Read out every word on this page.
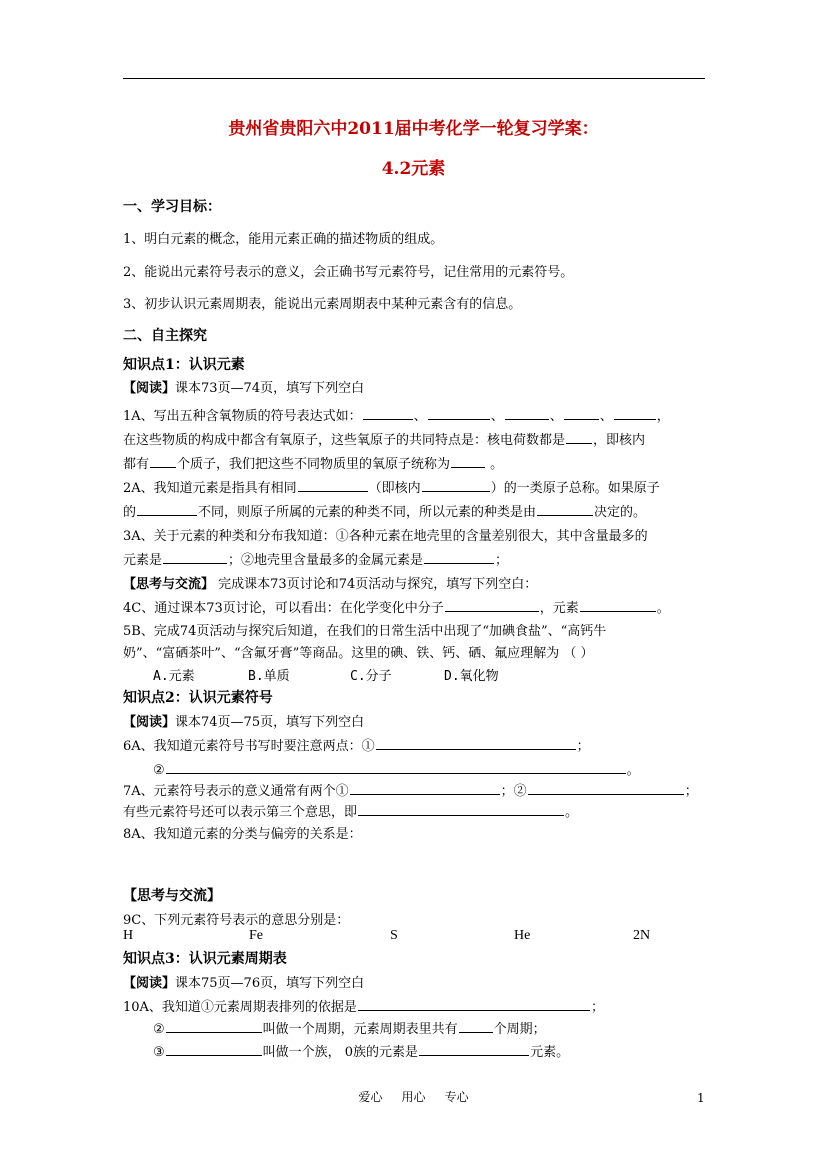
贵州省贵阳六中2011届中考化学一轮复习学案：
4.2元素
一、学习目标：
1、明白元素的概念，能用元素正确的描述物质的组成。
2、能说出元素符号表示的意义，会正确书写元素符号，记住常用的元素符号。
3、初步认识元素周期表，能说出元素周期表中某种元素含有的信息。
二、自主探究
知识点1：认识元素
【阅读】课本73页—74页，填写下列空白
1A、写出五种含氧物质的符号表达式如：	、	、	、	、	，
在这些物质的构成中都含有氧原子，这些氧原子的共同特点是：核电荷数都是 ，即核内
都有 个质子，我们把这些不同物质里的氧原子统称为	。
2A、我知道元素是指具有相同	（即核内	）的一类原子总称。如果原子
的	不同，则原子所属的元素的种类不同，所以元素的种类是由	决定的。
3A、关于元素的种类和分布我知道：①各种元素在地壳里的含量差别很大，其中含量最多的
元素是	；②地壳里含量最多的金属元素是	；
【思考与交流】 完成课本73页讨论和74页活动与探究，填写下列空白：
4C、通过课本73页讨论，可以看出：在化学变化中分子	，元素	。
5B、完成74页活动与探究后知道，在我们的日常生活中出现了“加碘食盐”、“高钙牛
奶”、“富硒茶叶”、“含氟牙膏”等商品。这里的碘、铁、钙、硒、氟应理解为 （ ）
A.元素	B.单质	C.分子	D.氧化物
知识点2：认识元素符号
【阅读】课本74页—75页，填写下列空白
6A、我知道元素符号书写时要注意两点：①	；
②	。
7A、元素符号表示的意义通常有两个①	；②	；
有些元素符号还可以表示第三个意思，即	。
8A、我知道元素的分类与偏旁的关系是：
【思考与交流】
9C、下列元素符号表示的意思分别是：
H	Fe	S	He	2N
知识点3：认识元素周期表
【阅读】课本75页—76页，填写下列空白
10A、我知道①元素周期表排列的依据是	；
②	叫做一个周期，元素周期表里共有	个周期；
③	叫做一个族， 0族的元素是	元素。
爱心     用心     专心	1
